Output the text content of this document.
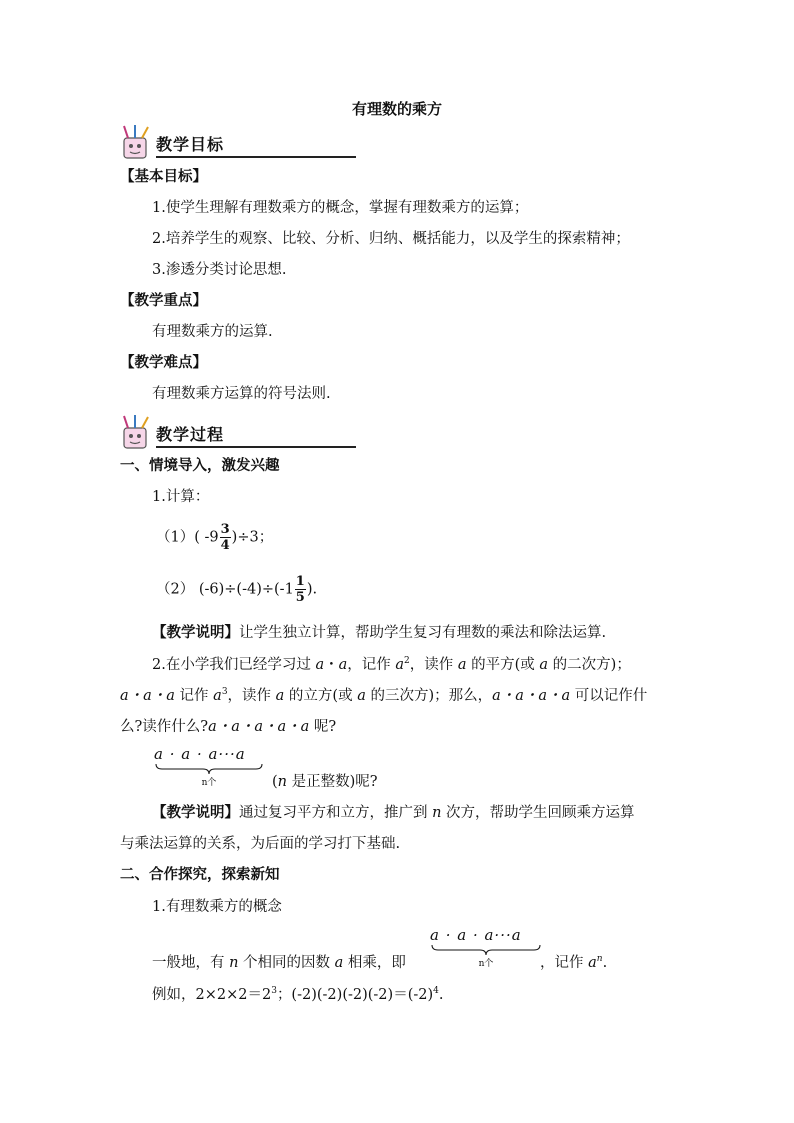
有理数的乘方
教学目标
【基本目标】
1.使学生理解有理数乘方的概念，掌握有理数乘方的运算；
2.培养学生的观察、比较、分析、归纳、概括能力，以及学生的探索精神；
3.渗透分类讨论思想.
【教学重点】
有理数乘方的运算.
【教学难点】
有理数乘方运算的符号法则.
教学过程
一、情境导入，激发兴趣
1.计算：
（1）( $-9 \frac{3}{4} )\div 3$；
（2） $(-6)\div(-4)\div(-1 \frac{1}{5}$ ).
【教学说明】让学生独立计算，帮助学生复习有理数的乘法和除法运算.
2.在小学我们已经学习过 a・a，记作 $a^2$，读作 a 的平方(或 a 的二次方)；
a・a・a 记作 $a^3$，读作 a 的立方(或 a 的三次方)；那么，a・a・a・a 可以记作什
么?读作什么?a・a・a・a・a 呢?
a · a · a···a
n个	(n 是正整数)呢?
【教学说明】通过复习平方和立方，推广到 n 次方，帮助学生回顾乘方运算
与乘法运算的关系，为后面的学习打下基础.
二、合作探究，探索新知
1.有理数乘方的概念
a · a · a···a
n个
一般地，有 n 个相同的因数 a 相乘，即	，记作 $a^n$.
例如，$2\times 2\times 2=2^3$；$(-2)(-2)(-2)(-2)=(-2)^4$.
